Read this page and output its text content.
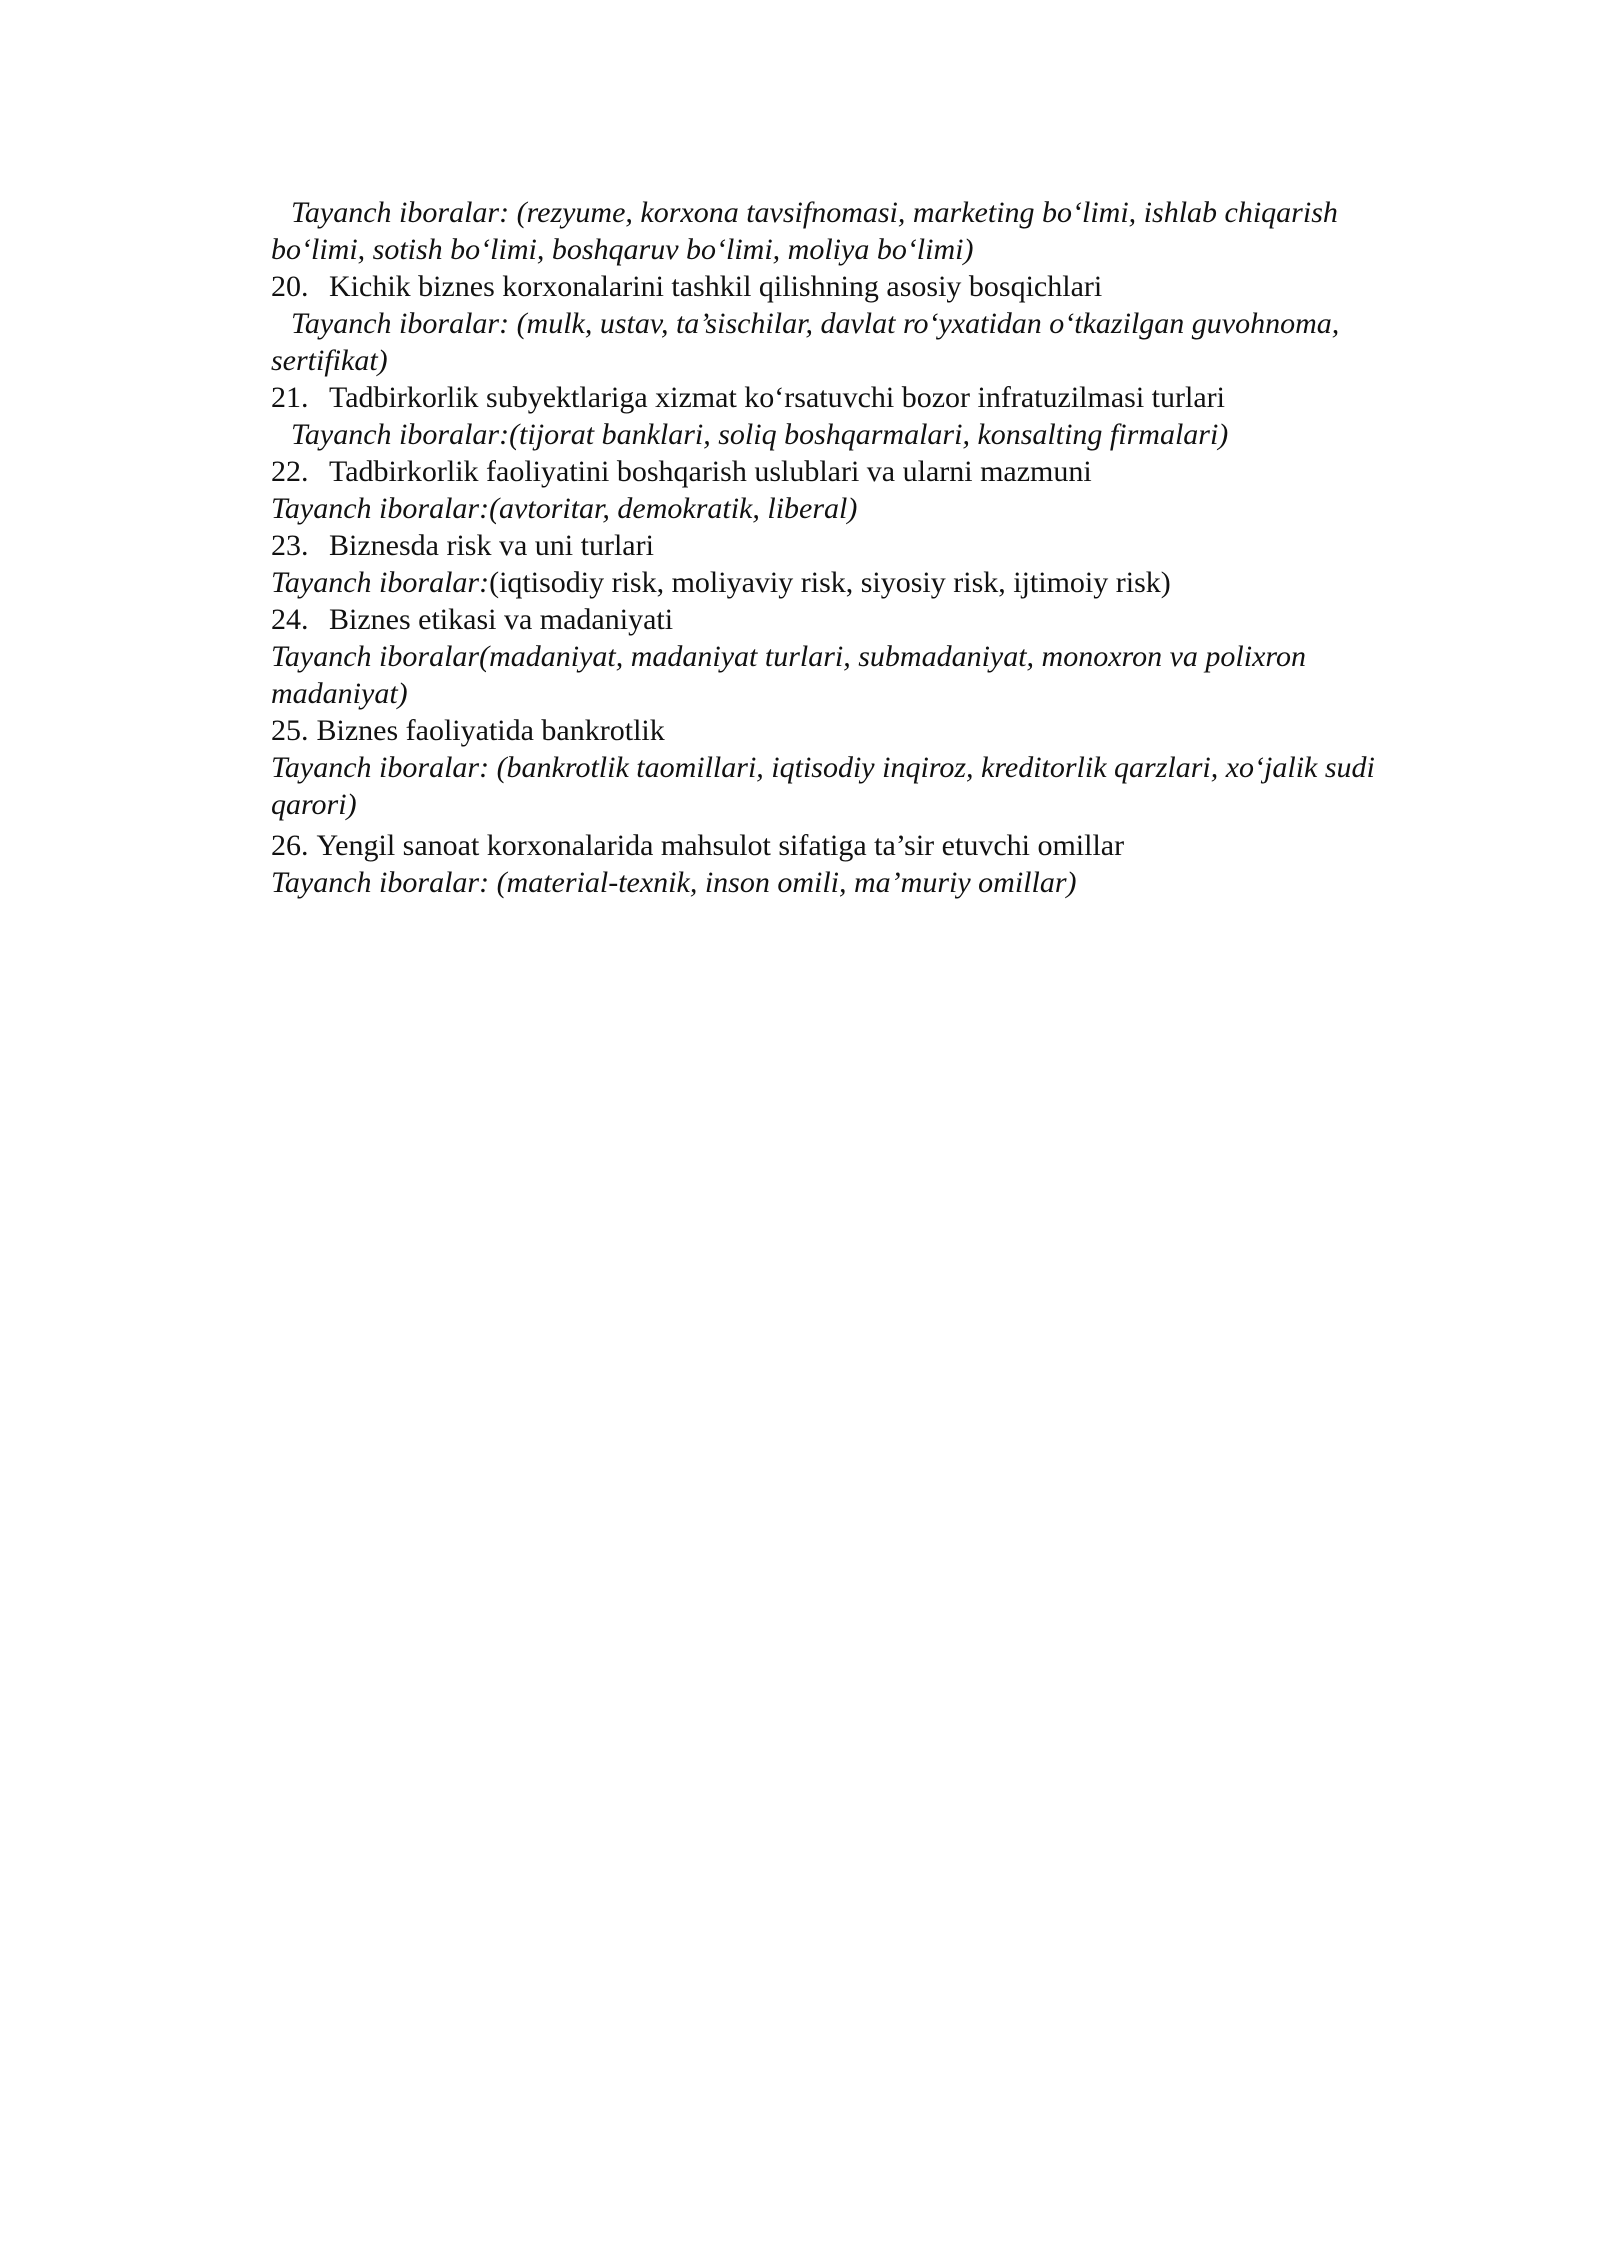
Tayanch iboralar: (rezyume, korxona tavsifnomasi, marketing bo‘limi, ishlab chiqarish bo‘limi, sotish bo‘limi, boshqaruv bo‘limi, moliya bo‘limi)

20. Kichik biznes korxonalarini tashkil qilishning asosiy bosqichlari

Tayanch iboralar: (mulk, ustav, ta’sischilar, davlat ro‘yxatidan o‘tkazilgan guvohnoma, sertifikat)

21. Tadbirkorlik subyektlariga xizmat ko‘rsatuvchi bozor infratuzilmasi turlari

Tayanch iboralar:(tijorat banklari, soliq boshqarmalari, konsalting firmalari)

22. Tadbirkorlik faoliyatini boshqarish uslublari va ularni mazmuni

Tayanch iboralar:(avtoritar, demokratik, liberal)

23. Biznesda risk va uni turlari

Tayanch iboralar:(iqtisodiy risk, moliyaviy risk, siyosiy risk, ijtimoiy risk)

24. Biznes etikasi va madaniyati

Tayanch iboralar(madaniyat, madaniyat turlari, submadaniyat, monoxron va polixron madaniyat)

25. Biznes faoliyatida bankrotlik

Tayanch iboralar: (bankrotlik taomillari, iqtisodiy inqiroz, kreditorlik qarzlari, xo‘jalik sudi qarori)

26. Yengil sanoat korxonalarida mahsulot sifatiga ta’sir etuvchi omillar

Tayanch iboralar: (material-texnik, inson omili, ma’muriy omillar)
